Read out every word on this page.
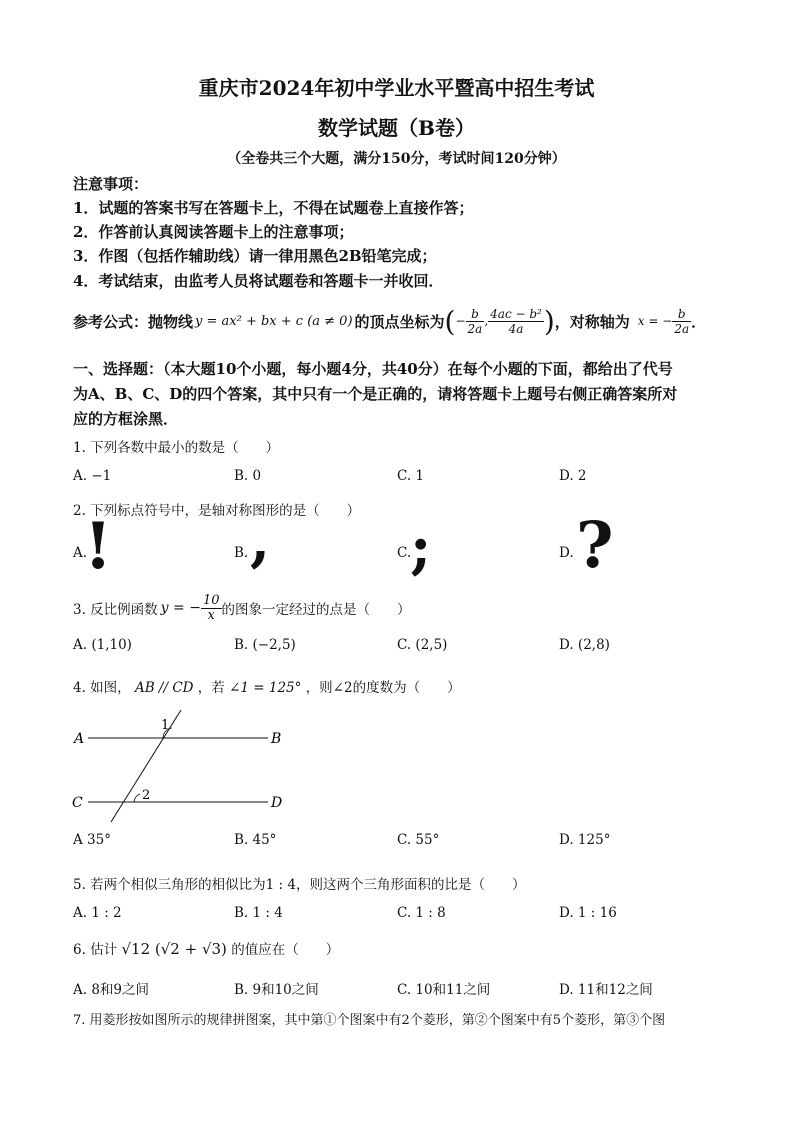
重庆市2024年初中学业水平暨高中招生考试
数学试题（B卷）
（全卷共三个大题，满分150分，考试时间120分钟）
注意事项：
1．试题的答案书写在答题卡上，不得在试题卷上直接作答；
2．作答前认真阅读答题卡上的注意事项；
3．作图（包括作辅助线）请一律用黑色2B铅笔完成；
4．考试结束，由监考人员将试题卷和答题卡一并收回．
参考公式：抛物线 y = ax² + bx + c (a ≠ 0) 的顶点坐标为 ( − $\frac{b}{2a}$ , $\frac{\text{4ac − b²}}{4a}$ ) ，对称轴为 x = − $\frac{b}{2a}$ ．
一、选择题：（本大题10个小题，每小题4分，共40分）在每个小题的下面，都给出了代号
为A、B、C、D的四个答案，其中只有一个是正确的，请将答题卡上题号右侧正确答案所对
应的方框涂黑．
1. 下列各数中最小的数是（　　）
A. −1	B. 0	C. 1	D. 2
2. 下列标点符号中，是轴对称图形的是（　　）
A.
!	B. ,	C.
;	D. ?
3. 反比例函数 y = − $\frac{10}{x}$ 的图象一定经过的点是（　　）
A. (1,10)	B. (−2,5)	C. (2,5)	D. (2,8)
4. 如图， AB // CD ，若 ∠1 = 125° ，则∠2的度数为（　　）
A	B
C	D
1
2
A 35°	B. 45°	C. 55°	D. 125°
5. 若两个相似三角形的相似比为1 : 4，则这两个三角形面积的比是（　　）
A. 1 : 2	B. 1 : 4	C. 1 : 8	D. 1 : 16
6. 估计 √12 (√2 + √3) 的值应在（　　）
A. 8和9之间	B. 9和10之间	C. 10和11之间	D. 11和12之间
7. 用菱形按如图所示的规律拼图案，其中第①个图案中有2个菱形，第②个图案中有5个菱形，第③个图
